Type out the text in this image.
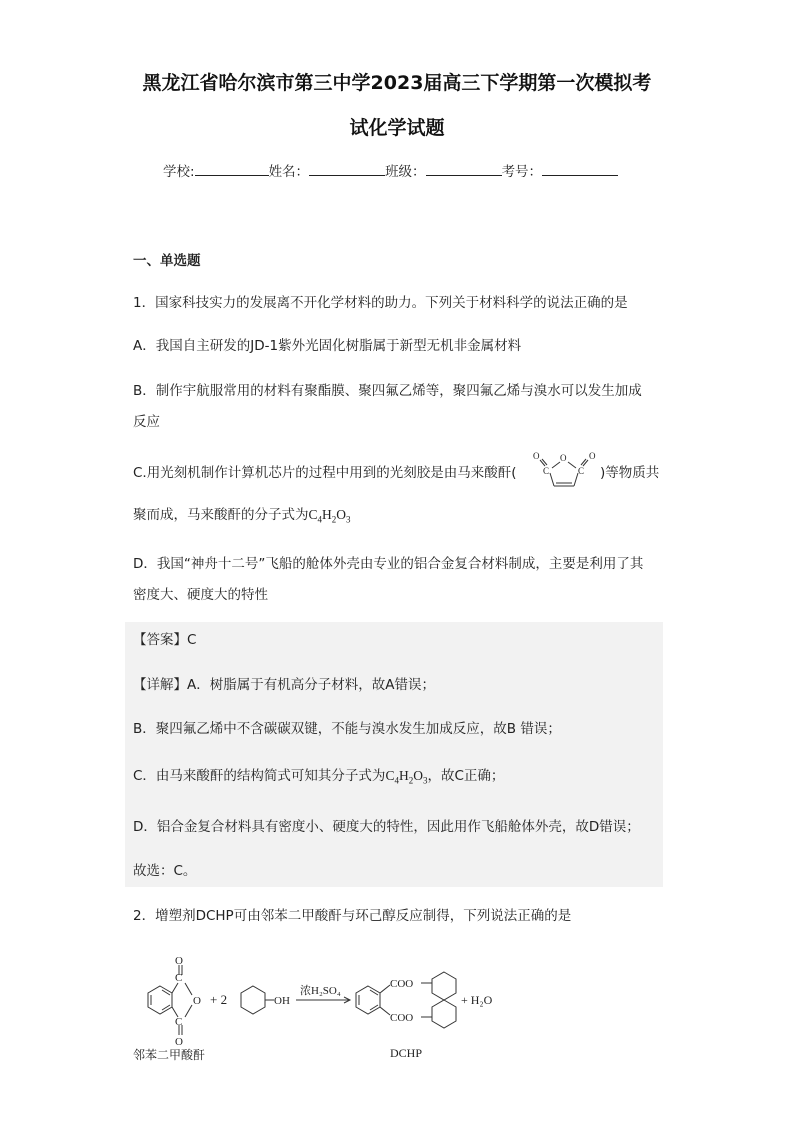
黑龙江省哈尔滨市第三中学2023届高三下学期第一次模拟考
试化学试题
学校:	姓名：	班级：	考号：
一、单选题
1．国家科技实力的发展离不开化学材料的助力。下列关于材料科学的说法正确的是
A．我国自主研发的JD-1紫外光固化树脂属于新型无机非金属材料
B．制作宇航服常用的材料有聚酯膜、聚四氟乙烯等，聚四氟乙烯与溴水可以发生加成
反应
C.用光刻机制作计算机芯片的过程中用到的光刻胶是由马来酸酐(
O
O	O
C	C )等物质共
聚而成，马来酸酐的分子式为$C_4H_2O_3$
D．我国“神舟十二号”飞船的舱体外壳由专业的铝合金复合材料制成，主要是利用了其
密度大、硬度大的特性
【答案】C
【详解】A．树脂属于有机高分子材料，故A错误；
B．聚四氟乙烯中不含碳碳双键，不能与溴水发生加成反应，故B 错误；
C．由马来酸酐的结构简式可知其分子式为$C_4H_2O_3$，故C正确；
D．铝合金复合材料具有密度小、硬度大的特性，因此用作飞船舱体外壳，故D错误；
故选：C。
2．增塑剂DCHP可由邻苯二甲酸酐与环己醇反应制得，下列说法正确的是
O
C
O
C
O
+ 2	OH
浓H₂SO₄
COO
COO
+ H₂O
邻苯二甲酸酐	DCHP
